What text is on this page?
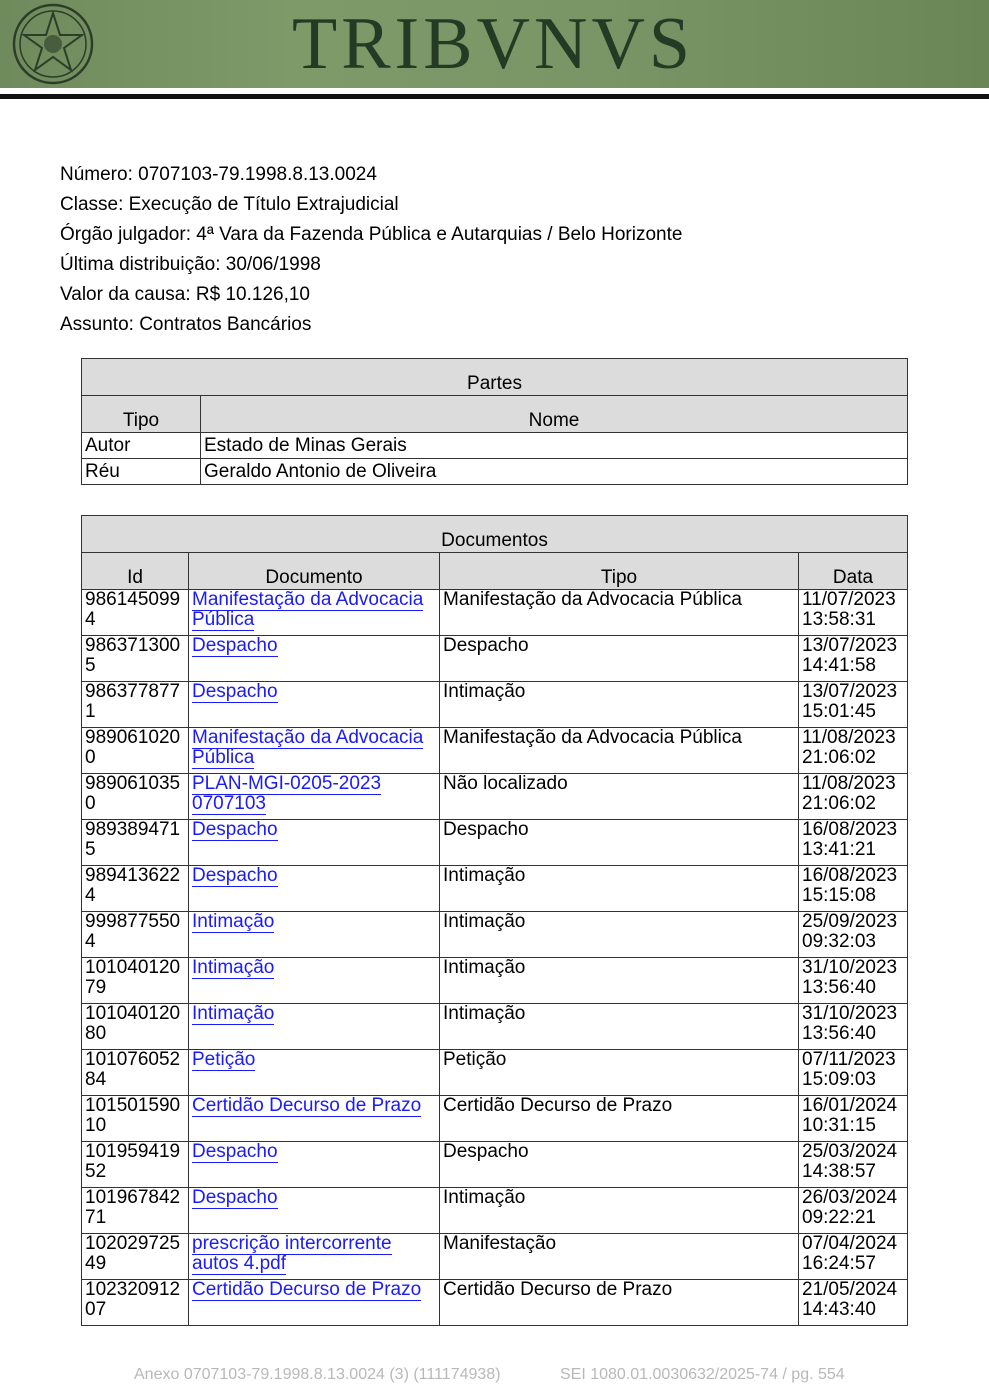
TRIBVNVS
Número: 0707103-79.1998.8.13.0024
Classe: Execução de Título Extrajudicial
Órgão julgador: 4ª Vara da Fazenda Pública e Autarquias / Belo Horizonte
Última distribuição: 30/06/1998
Valor da causa: R$ 10.126,10
Assunto: Contratos Bancários
Partes	
Tipo	Nome
Autor	Estado de Minas Gerais
Réu	Geraldo Antonio de Oliveira
Documentos			
Id	Documento	Tipo	Data
9861450994	Manifestação da Advocacia Pública	Manifestação da Advocacia Pública	11/07/2023 13:58:31
9863713005	Despacho	Despacho	13/07/2023 14:41:58
9863778771	Despacho	Intimação	13/07/2023 15:01:45
9890610200	Manifestação da Advocacia Pública	Manifestação da Advocacia Pública	11/08/2023 21:06:02
9890610350	PLAN-MGI-0205-2023 0707103	Não localizado	11/08/2023 21:06:02
9893894715	Despacho	Despacho	16/08/2023 13:41:21
9894136224	Despacho	Intimação	16/08/2023 15:15:08
9998775504	Intimação	Intimação	25/09/2023 09:32:03
10104012079	Intimação	Intimação	31/10/2023 13:56:40
10104012080	Intimação	Intimação	31/10/2023 13:56:40
10107605284	Petição	Petição	07/11/2023 15:09:03
10150159010	Certidão Decurso de Prazo	Certidão Decurso de Prazo	16/01/2024 10:31:15
10195941952	Despacho	Despacho	25/03/2024 14:38:57
10196784271	Despacho	Intimação	26/03/2024 09:22:21
10202972549	prescrição intercorrente autos 4.pdf	Manifestação	07/04/2024 16:24:57
10232091207	Certidão Decurso de Prazo	Certidão Decurso de Prazo	21/05/2024 14:43:40
Anexo 0707103-79.1998.8.13.0024 (3) (111174938)	SEI 1080.01.0030632/2025-74 / pg. 554
